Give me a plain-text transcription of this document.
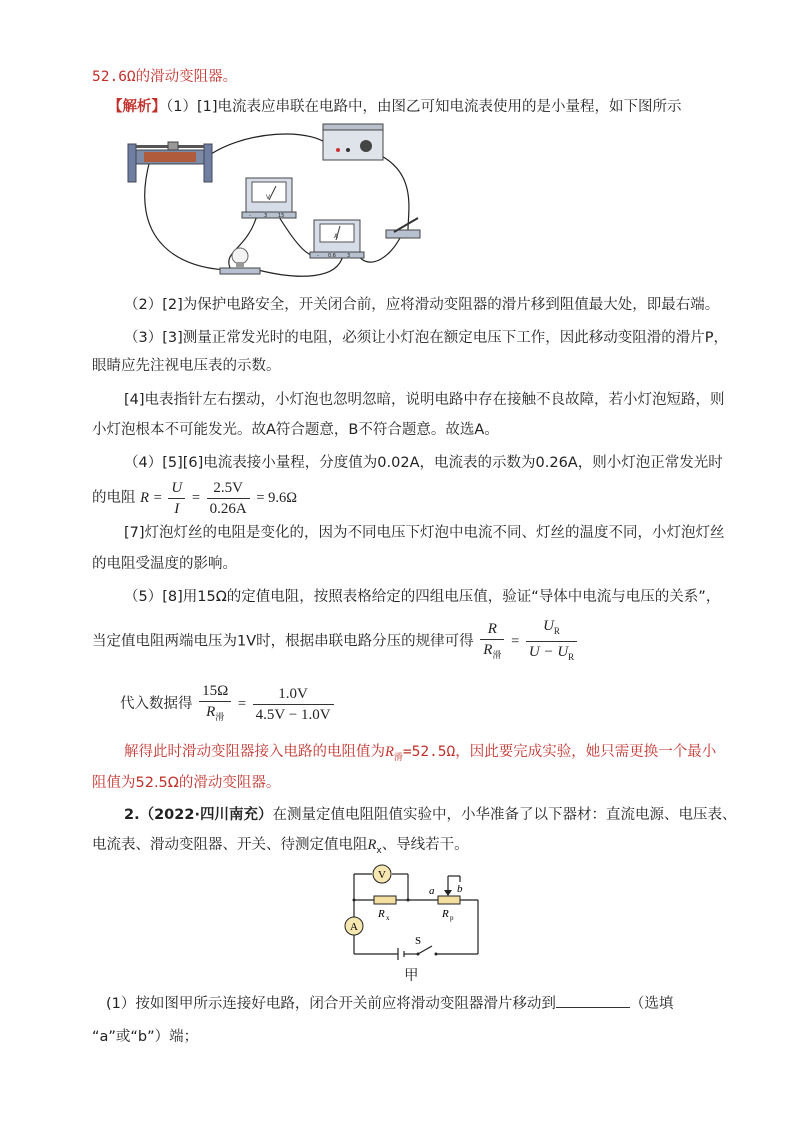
52.6Ω的滑动变阻器。
【解析】（1）[1]电流表应串联在电路中，由图乙可知电流表使用的是小量程，如下图所示
V
-	3 15
A
- 0.6 3
（2）[2]为保护电路安全，开关闭合前，应将滑动变阻器的滑片移到阻值最大处，即最右端。
（3）[3]测量正常发光时的电阻，必须让小灯泡在额定电压下工作，因此移动变阻滑的滑片P，
眼睛应先注视电压表的示数。
[4]电表指针左右摆动，小灯泡也忽明忽暗，说明电路中存在接触不良故障，若小灯泡短路，则
小灯泡根本不可能发光。故A符合题意，B不符合题意。故选A。
（4）[5][6]电流表接小量程，分度值为0.02A，电流表的示数为0.26A，则小灯泡正常发光时
的电阻 $R = \frac{U}{I} = \frac{2.5V}{0.26A} = 9.6\Omega$
[7]灯泡灯丝的电阻是变化的，因为不同电压下灯泡中电流不同、灯丝的温度不同，小灯泡灯丝
的电阻受温度的影响。
（5）[8]用15Ω的定值电阻，按照表格给定的四组电压值，验证“导体中电流与电压的关系”，
当定值电阻两端电压为1V时，根据串联电路分压的规律可得 $\frac{R}{R_滑} = \frac{U_R}{U - U_R}$
代入数据得 $\frac{15\Omega}{R_滑} = \frac{1.0V}{4.5V - 1.0V}$
解得此时滑动变阻器接入电路的电阻值为$R_滑=52.5\Omega$，因此要完成实验，她只需更换一个最小
阻值为52.5Ω的滑动变阻器。
2.（2022·四川南充）在测量定值电阻阻值实验中，小华准备了以下器材：直流电源、电压表、
电流表、滑动变阻器、开关、待测定值电阻$R_x$、导线若干。
V
A
R x	R p
a b
S
甲
(1）按如图甲所示连接好电路，闭合开关前应将滑动变阻器滑片移动到	（选填
“a”或“b”）端；
